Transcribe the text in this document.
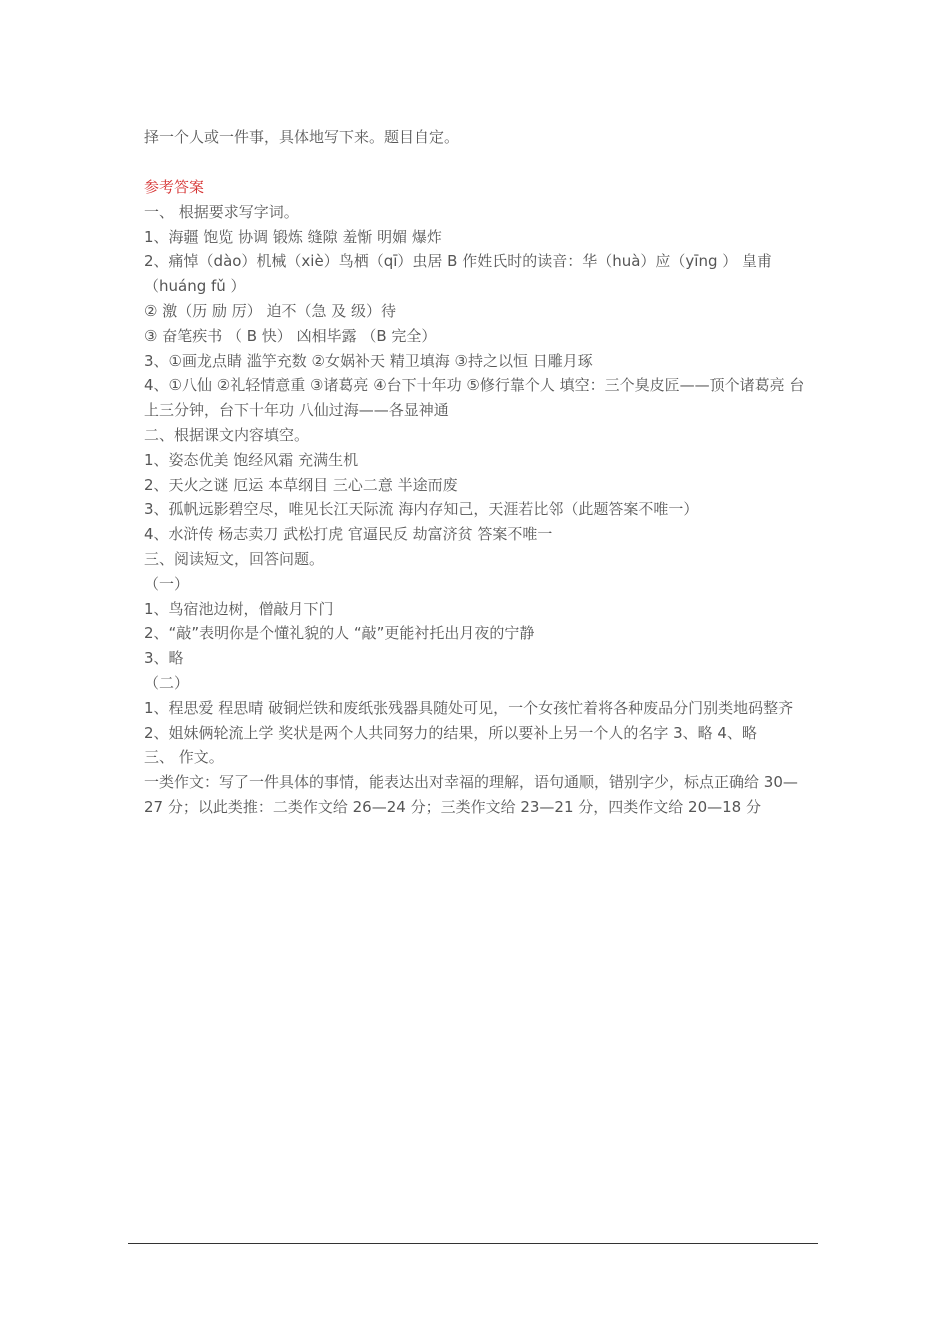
择一个人或一件事，具体地写下来。题目自定。

参考答案

一、 根据要求写字词。

1、海疆 饱览 协调 锻炼 缝隙 羞惭 明媚 爆炸

2、痛悼（dào）机械（xiè）鸟栖（qī）虫居 B 作姓氏时的读音：华（huà）应（yīng ） 皇甫（huáng fǔ ）

② 激（历 励 厉） 迫不（急 及 级）待

③ 奋笔疾书 （ B 快） 凶相毕露 （B 完全）

3、①画龙点睛 滥竽充数 ②女娲补天 精卫填海 ③持之以恒 日雕月琢

4、①八仙 ②礼轻情意重 ③诸葛亮 ④台下十年功 ⑤修行靠个人 填空：三个臭皮匠——顶个诸葛亮 台上三分钟，台下十年功 八仙过海——各显神通

二、根据课文内容填空。

1、姿态优美 饱经风霜 充满生机

2、天火之谜 厄运 本草纲目 三心二意 半途而废

3、孤帆远影碧空尽，唯见长江天际流 海内存知己，天涯若比邻（此题答案不唯一）

4、水浒传 杨志卖刀 武松打虎 官逼民反 劫富济贫 答案不唯一

三、阅读短文，回答问题。

（一）

1、鸟宿池边树，僧敲月下门

2、“敲”表明你是个懂礼貌的人 “敲”更能衬托出月夜的宁静

3、略

（二）

1、程思爱 程思晴 破铜烂铁和废纸张残器具随处可见，一个女孩忙着将各种废品分门别类地码整齐 2、姐妹俩轮流上学 奖状是两个人共同努力的结果，所以要补上另一个人的名字 3、略 4、略

三、 作文。

一类作文：写了一件具体的事情，能表达出对幸福的理解，语句通顺，错别字少，标点正确给 30—27 分；以此类推：二类作文给 26—24 分；三类作文给 23—21 分，四类作文给 20—18 分
